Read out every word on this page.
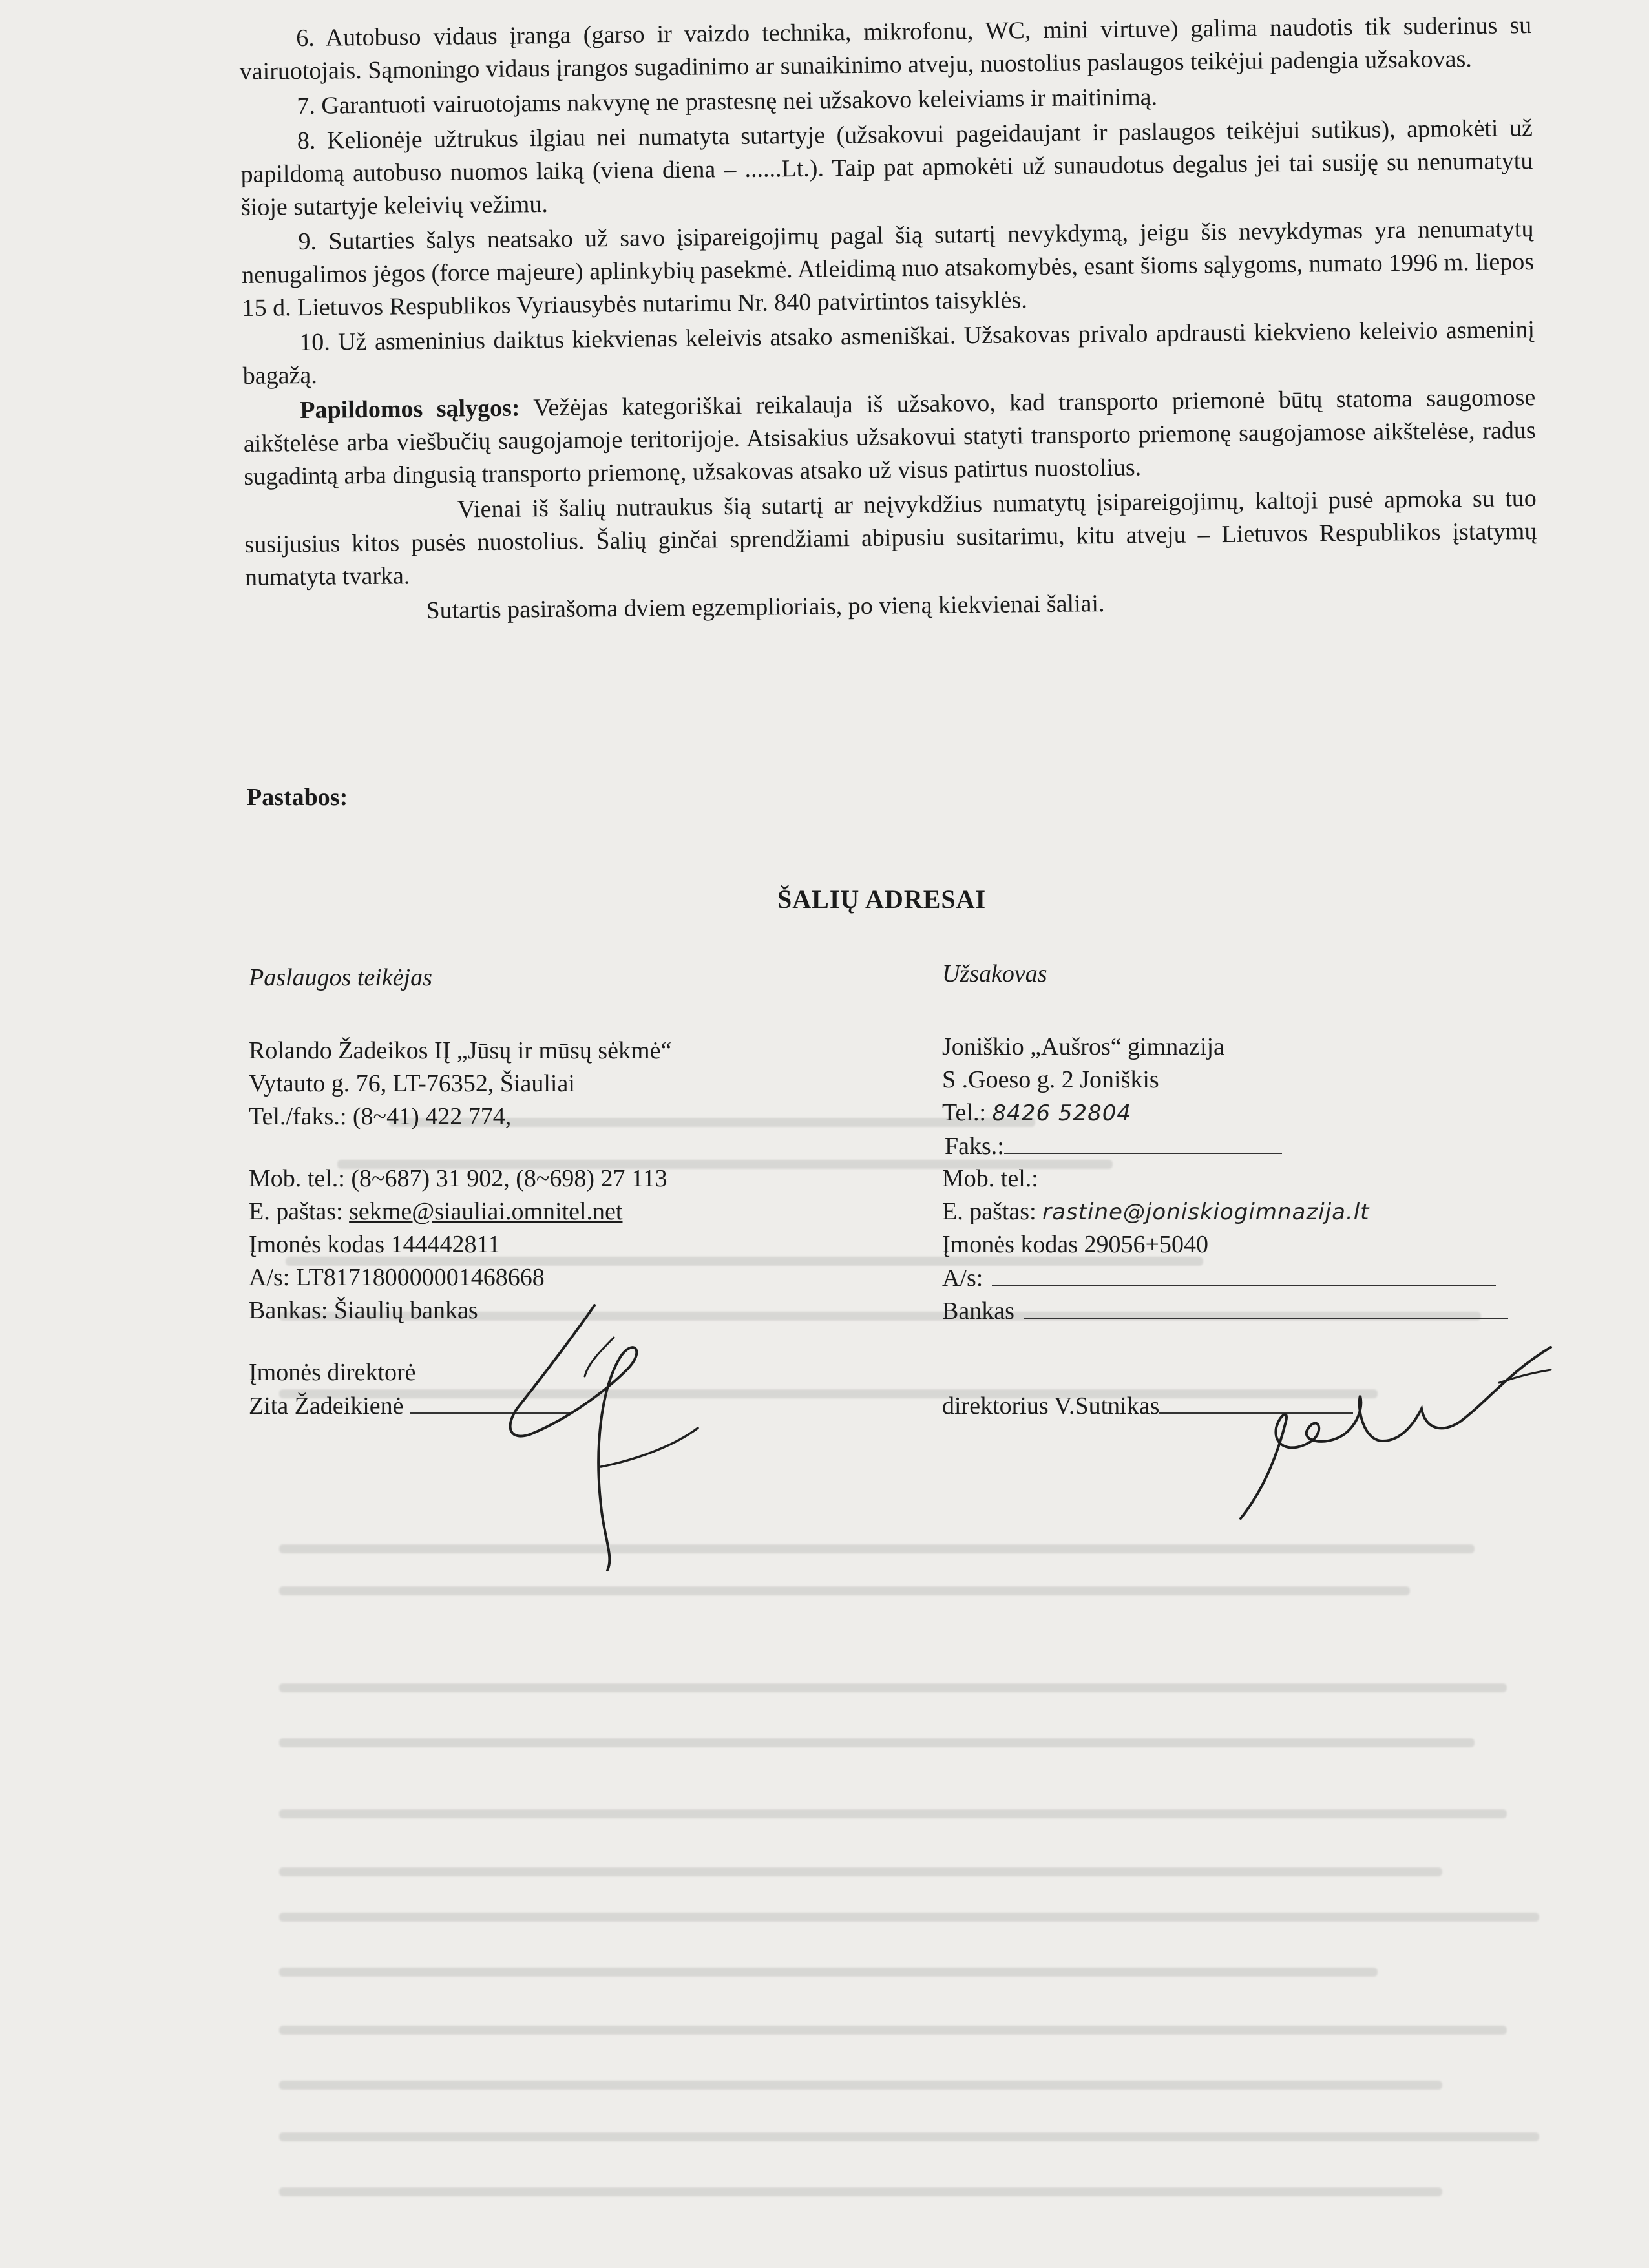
6. Autobuso vidaus įranga (garso ir vaizdo technika, mikrofonu, WC, mini virtuve) galima naudotis tik suderinus su vairuotojais. Sąmoningo vidaus įrangos sugadinimo ar sunaikinimo atveju, nuostolius paslaugos teikėjui padengia užsakovas.

7. Garantuoti vairuotojams nakvynę ne prastesnę nei užsakovo keleiviams ir maitinimą.

8. Kelionėje užtrukus ilgiau nei numatyta sutartyje (užsakovui pageidaujant ir paslaugos teikėjui sutikus), apmokėti už papildomą autobuso nuomos laiką (viena diena – ......Lt.). Taip pat apmokėti už sunaudotus degalus jei tai susiję su nenumatytu šioje sutartyje keleivių vežimu.

9. Sutarties šalys neatsako už savo įsipareigojimų pagal šią sutartį nevykdymą, jeigu šis nevykdymas yra nenumatytų nenugalimos jėgos (force majeure) aplinkybių pasekmė. Atleidimą nuo atsakomybės, esant šioms sąlygoms, numato 1996 m. liepos 15 d. Lietuvos Respublikos Vyriausybės nutarimu Nr. 840 patvirtintos taisyklės.

10. Už asmeninius daiktus kiekvienas keleivis atsako asmeniškai. Užsakovas privalo apdrausti kiekvieno keleivio asmeninį bagažą.

Papildomos sąlygos: Vežėjas kategoriškai reikalauja iš užsakovo, kad transporto priemonė būtų statoma saugomose aikštelėse arba viešbučių saugojamoje teritorijoje. Atsisakius užsakovui statyti transporto priemonę saugojamose aikštelėse, radus sugadintą arba dingusią transporto priemonę, užsakovas atsako už visus patirtus nuostolius.

Vienai iš šalių nutraukus šią sutartį ar neįvykdžius numatytų įsipareigojimų, kaltoji pusė apmoka su tuo susijusius kitos pusės nuostolius. Šalių ginčai sprendžiami abipusiu susitarimu, kitu atveju – Lietuvos Respublikos įstatymų numatyta tvarka.

Sutartis pasirašoma dviem egzemplioriais, po vieną kiekvienai šaliai.

Pastabos:
ŠALIŲ ADRESAI
Paslaugos teikėjas
Rolando Žadeikos IĮ „Jūsų ir mūsų sėkmė“
Vytauto g. 76, LT-76352, Šiauliai
Tel./faks.: (8~41) 422 774,
Mob. tel.: (8~687) 31 902, (8~698) 27 113
E. paštas: sekme@siauliai.omnitel.net
Įmonės kodas 144442811
A/s: LT817180000001468668
Bankas: Šiaulių bankas
Įmonės direktorė
Zita Žadeikienė
Užsakovas
Joniškio „Aušros“ gimnazija
S .Goeso g. 2 Joniškis
Tel.: 8426 52804
Faks.:
Mob. tel.:
E. paštas: rastine@joniskiogimnazija.lt
Įmonės kodas 29056+5040
A/s:
Bankas
direktorius V.Sutnikas
